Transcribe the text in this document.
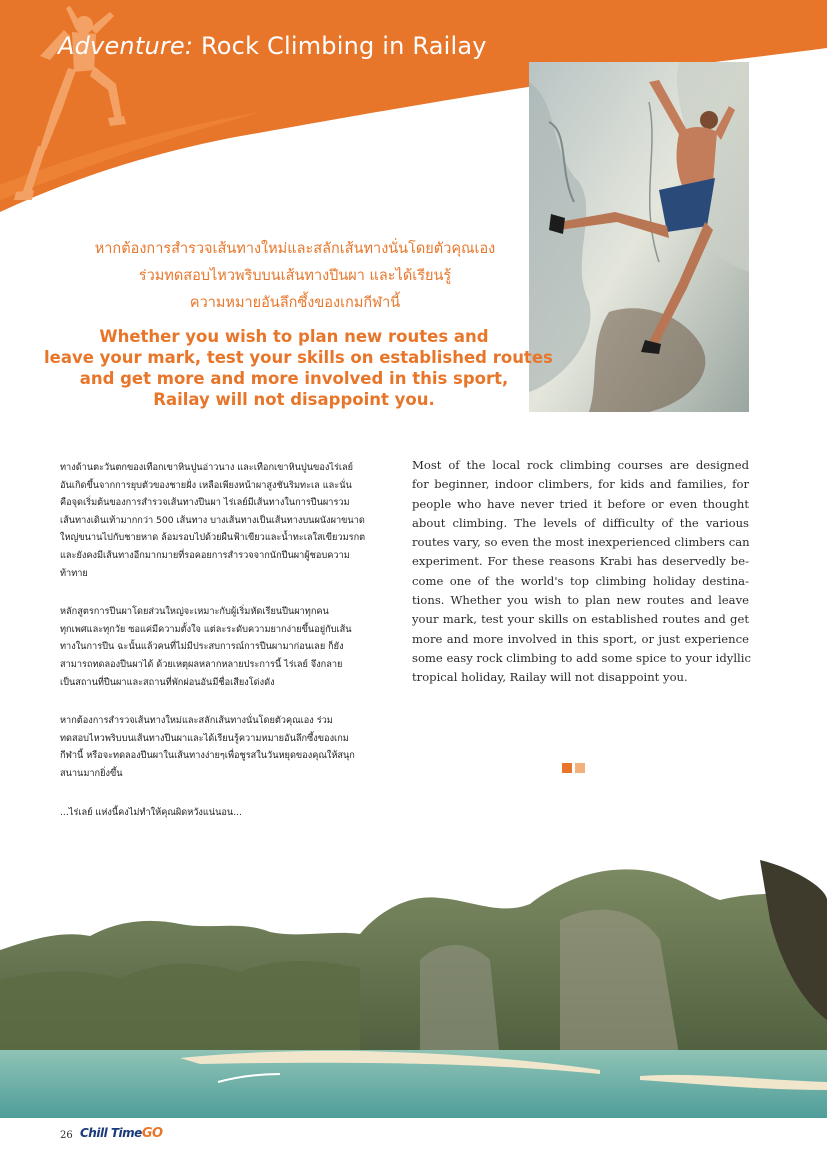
Adventure: Rock Climbing in Railay
หากต้องการสำรวจเส้นทางใหม่และสลักเส้นทางนั่นโดยตัวคุณเอง
ร่วมทดสอบไหวพริบบนเส้นทางปีนผา และได้เรียนรู้
ความหมายอันลึกซึ้งของเกมกีฬานี้
Whether you wish to plan new routes and
leave your mark, test your skills on established routes
and get more and more involved in this sport,
Railay will not disappoint you.

ทางด้านตะวันตกของเทือกเขาหินปูนอ่าวนาง และเทือกเขาหินปูนของไร่เลย์
อันเกิดขึ้นจากการยุบตัวของชายฝั่ง เหลือเพียงหน้าผาสูงชันริมทะเล และนั่น
คือจุดเริ่มต้นของการสำรวจเส้นทางปีนผา ไร่เลย์มีเส้นทางในการปีนผารวม
เส้นทางเดินเท้ามากกว่า 500 เส้นทาง บางเส้นทางเป็นเส้นทางบนผนังผาขนาด
ใหญ่ขนานไปกับชายหาด ล้อมรอบไปด้วยผืนฟ้าเขียวและน้ำทะเลใสเขียวมรกต
และยังคงมีเส้นทางอีกมากมายที่รอคอยการสำรวจจากนักปีนผาผู้ชอบความ
ท้าทาย

หลักสูตรการปีนผาโดยส่วนใหญ่จะเหมาะกับผู้เริ่มหัดเรียนปีนผาทุกคน
ทุกเพศและทุกวัย ซอแค่มีความตั้งใจ แต่ละระดับความยากง่ายขึ้นอยู่กับเส้น
ทางในการปีน ฉะนั้นแล้วคนที่ไม่มีประสบการณ์การปีนผามาก่อนเลย ก็ยัง
สามารถทดลองปีนผาได้ ด้วยเหตุผลหลากหลายประการนี้ ไร่เลย์ จึงกลาย
เป็นสถานที่ปีนผาและสถานที่พักผ่อนอันมีชื่อเสียงโด่งดัง

หากต้องการสำรวจเส้นทางใหม่และสลักเส้นทางนั่นโดยตัวคุณเอง ร่วม
ทดสอบไหวพริบบนเส้นทางปีนผาและได้เรียนรู้ความหมายอันลึกซึ้งของเกม
กีฬานี้ หรือจะทดลองปีนผาในเส้นทางง่ายๆเพื่อชูรสในวันหยุดของคุณให้สนุก
สนานมากยิ่งขึ้น

...ไร่เลย์ แห่งนี้คงไม่ทำให้คุณผิดหวังแน่นอน...

Most of the local rock climbing courses are designed
for beginner, indoor climbers, for kids and families, for
people who have never tried it before or even thought
about climbing. The levels of difficulty of the various
routes vary, so even the most inexperienced climbers can
experiment. For these reasons Krabi has deservedly be-
come one of the world's top climbing holiday destina-
tions. Whether you wish to plan new routes and leave
your mark, test your skills on established routes and get
more and more involved in this sport, or just experience
some easy rock climbing to add some spice to your idyllic
tropical holiday, Railay will not disappoint you.
26 Chill TimeGO
